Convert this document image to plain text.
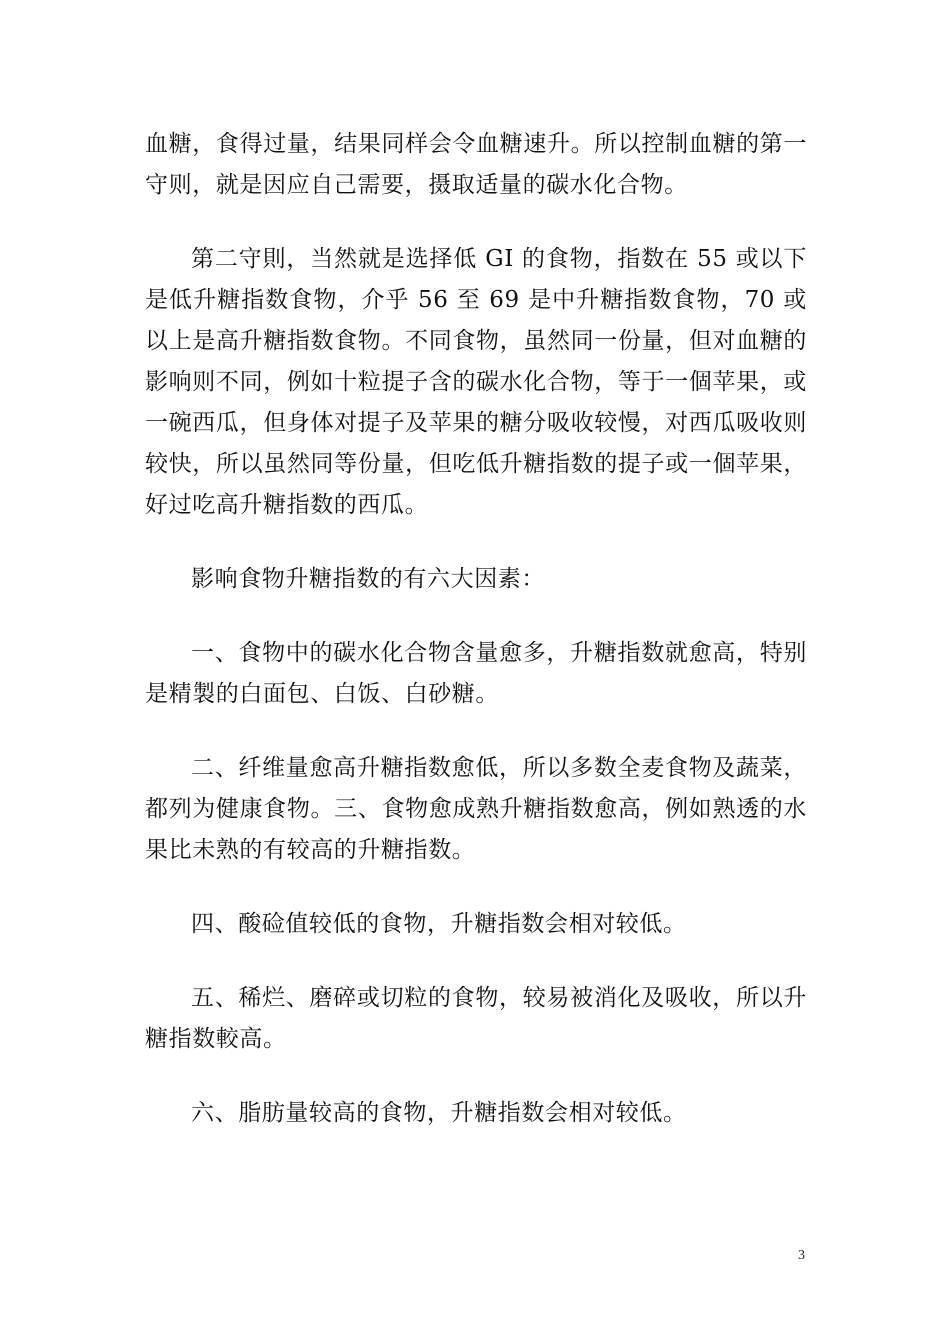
血糖，食得过量，结果同样会令血糖速升。所以控制血糖的第一守则，就是因应自己需要，摄取适量的碳水化合物。

第二守則，当然就是选择低 GI 的食物，指数在 55 或以下是低升糖指数食物，介乎 56 至 69 是中升糖指数食物，70 或以上是高升糖指数食物。不同食物，虽然同一份量，但对血糖的影响则不同，例如十粒提子含的碳水化合物，等于一個苹果，或一碗西瓜，但身体对提子及苹果的糖分吸收较慢，对西瓜吸收则较快，所以虽然同等份量，但吃低升糖指数的提子或一個苹果，好过吃高升糖指数的西瓜。

影响食物升糖指数的有六大因素：

一、食物中的碳水化合物含量愈多，升糖指数就愈高，特别是精製的白面包、白饭、白砂糖。

二、纤维量愈高升糖指数愈低，所以多数全麦食物及蔬菜，都列为健康食物。三、食物愈成熟升糖指数愈高，例如熟透的水果比未熟的有较高的升糖指数。

四、酸硷值较低的食物，升糖指数会相对较低。

五、稀烂、磨碎或切粒的食物，较易被消化及吸收，所以升糖指数較高。

六、脂肪量较高的食物，升糖指数会相对较低。

3
